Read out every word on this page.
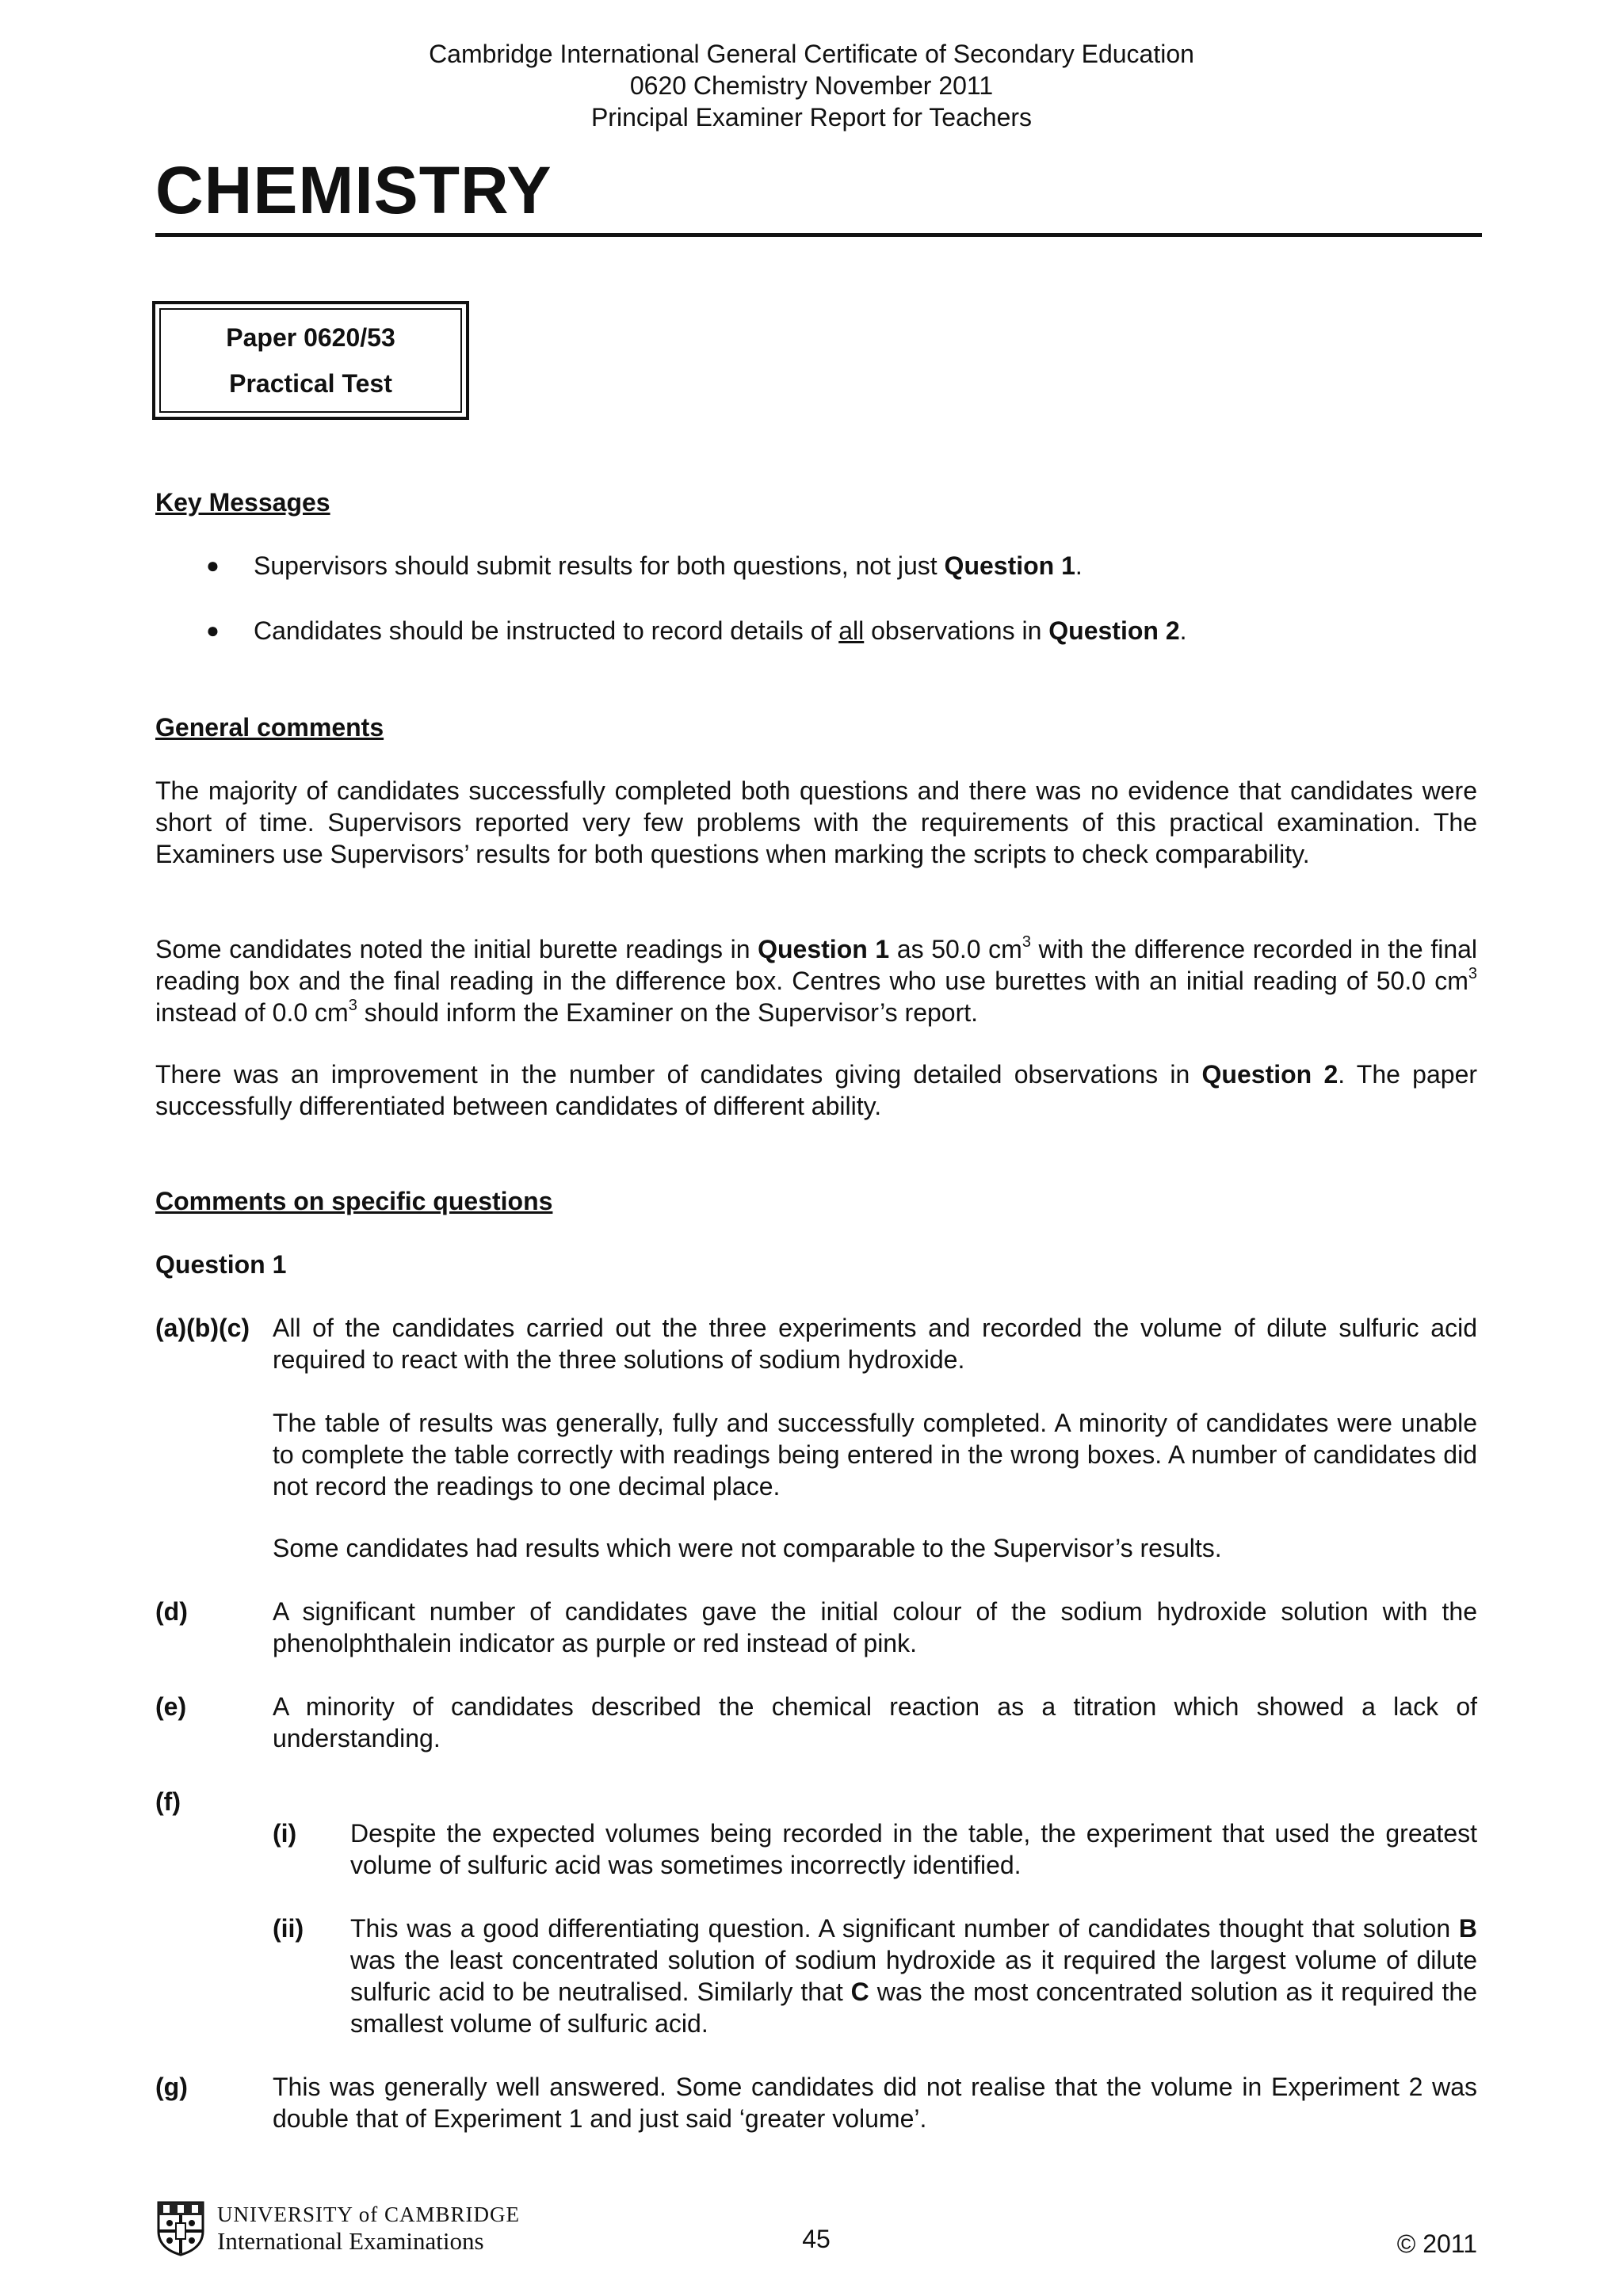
Cambridge International General Certificate of Secondary Education
0620 Chemistry November 2011
Principal Examiner Report for Teachers
CHEMISTRY
Paper 0620/53
Practical Test
Key Messages
● Supervisors should submit results for both questions, not just Question 1.
● Candidates should be instructed to record details of all observations in Question 2.
General comments
The majority of candidates successfully completed both questions and there was no evidence that candidates were short of time. Supervisors reported very few problems with the requirements of this practical examination. The Examiners use Supervisors’ results for both questions when marking the scripts to check comparability.
Some candidates noted the initial burette readings in Question 1 as 50.0 $cm^3$ with the difference recorded in the final reading box and the final reading in the difference box. Centres who use burettes with an initial reading of 50.0 $cm^3$ instead of 0.0 $cm^3$ should inform the Examiner on the Supervisor’s report.
There was an improvement in the number of candidates giving detailed observations in Question 2. The paper successfully differentiated between candidates of different ability.
Comments on specific questions
Question 1
(a)(b)(c) All of the candidates carried out the three experiments and recorded the volume of dilute sulfuric acid required to react with the three solutions of sodium hydroxide.
The table of results was generally, fully and successfully completed. A minority of candidates were unable to complete the table correctly with readings being entered in the wrong boxes. A number of candidates did not record the readings to one decimal place.
Some candidates had results which were not comparable to the Supervisor’s results.
(d)	A significant number of candidates gave the initial colour of the sodium hydroxide solution with the phenolphthalein indicator as purple or red instead of pink.
(e)	A minority of candidates described the chemical reaction as a titration which showed a lack of understanding.
(f)
(i) Despite the expected volumes being recorded in the table, the experiment that used the greatest volume of sulfuric acid was sometimes incorrectly identified.
(ii) This was a good differentiating question. A significant number of candidates thought that solution B was the least concentrated solution of sodium hydroxide as it required the largest volume of dilute sulfuric acid to be neutralised. Similarly that C was the most concentrated solution as it required the smallest volume of sulfuric acid.
(g)	This was generally well answered. Some candidates did not realise that the volume in Experiment 2 was double that of Experiment 1 and just said ‘greater volume’.
UNIVERSITY of CAMBRIDGE
International Examinations	45	© 2011
